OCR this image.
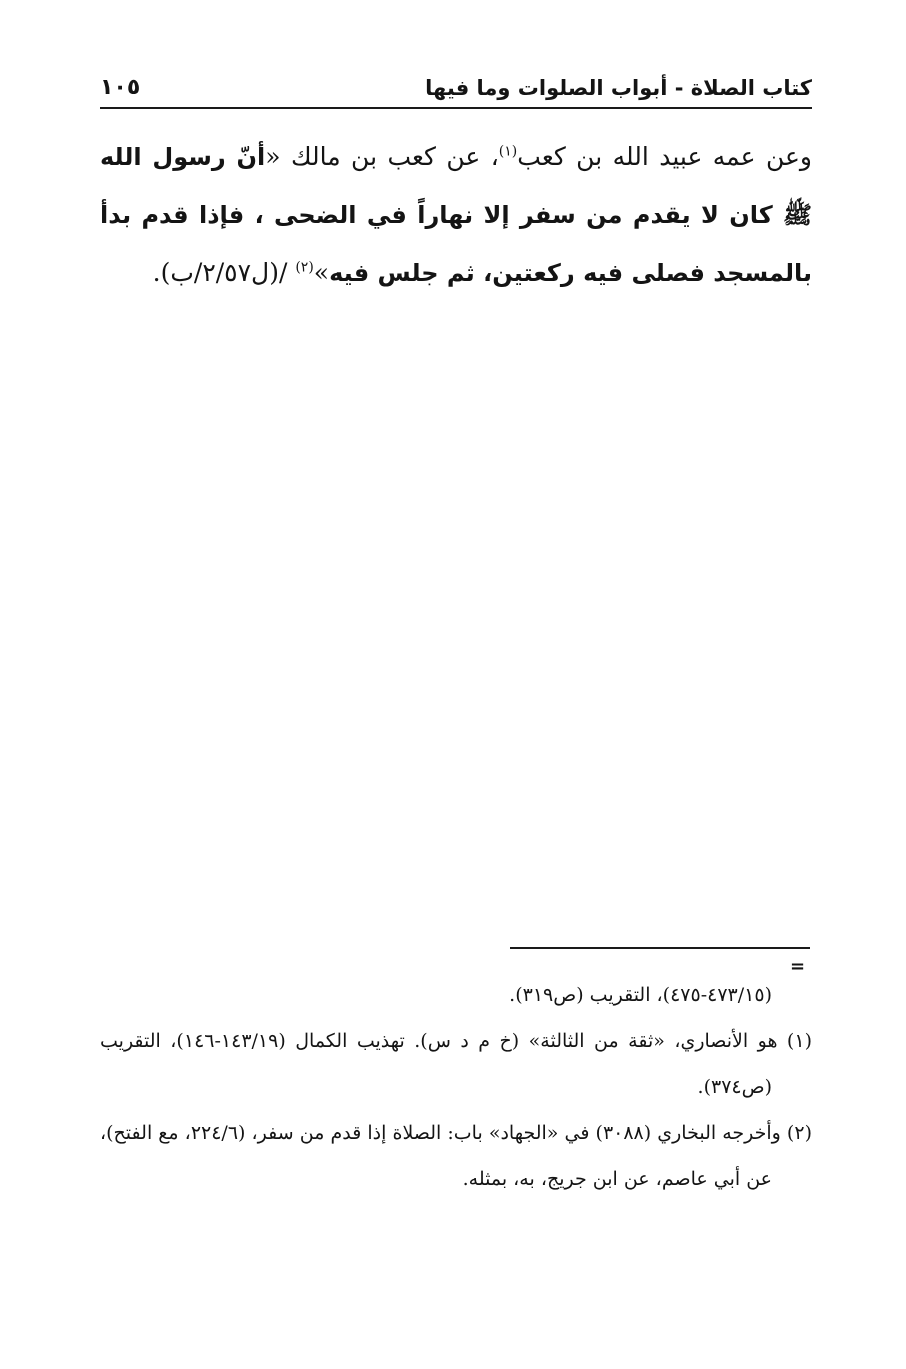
كتاب الصلاة - أبواب الصلوات وما فيها
١٠٥

وعن عمه عبيد الله بن كعب$^{(١)}$، عن كعب بن مالك «أنّ رسول الله ﷺ كان لا يقدم من سفر إلا نهاراً في الضحى ، فإذا قدم بدأ بالمسجد فصلى فيه ركعتين، ثم جلس فيه»$^{(٢)}$ /(ل٢/٥٧/ب).

=

(٤٧٣/١٥-٤٧٥)، التقريب (ص٣١٩).

(١) هو الأنصاري، «ثقة من الثالثة» (خ م د س). تهذيب الكمال (١٤٣/١٩-١٤٦)، التقريب (ص٣٧٤).

(٢) وأخرجه البخاري (٣٠٨٨) في «الجهاد» باب: الصلاة إذا قدم من سفر، (٢٢٤/٦، مع الفتح)، عن أبي عاصم، عن ابن جريج، به، بمثله.
